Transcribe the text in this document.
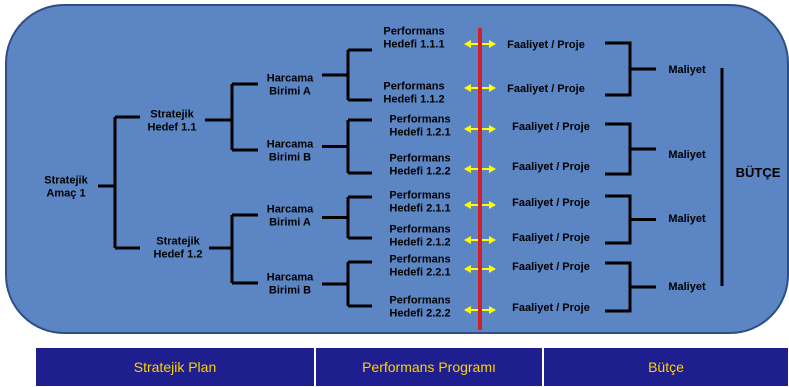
Stratejik Amaç 1
Stratejik Hedef 1.1
Stratejik Hedef 1.2
Harcama Birimi A
Harcama Birimi B
Harcama Birimi A
Harcama Birimi B
Performans Hedefi 1.1.1
Performans Hedefi 1.1.2
Performans Hedefi 1.2.1
Performans Hedefi 1.2.2
Performans Hedefi 2.1.1
Performans Hedefi 2.1.2
Performans Hedefi 2.2.1
Performans Hedefi 2.2.2
Faaliyet / Proje
Faaliyet / Proje
Faaliyet / Proje
Faaliyet / Proje
Faaliyet / Proje
Faaliyet / Proje
Faaliyet / Proje
Faaliyet / Proje
Maliyet
Maliyet
Maliyet
Maliyet
BÜTÇE
Stratejik Plan	Performans Programı	Bütçe
